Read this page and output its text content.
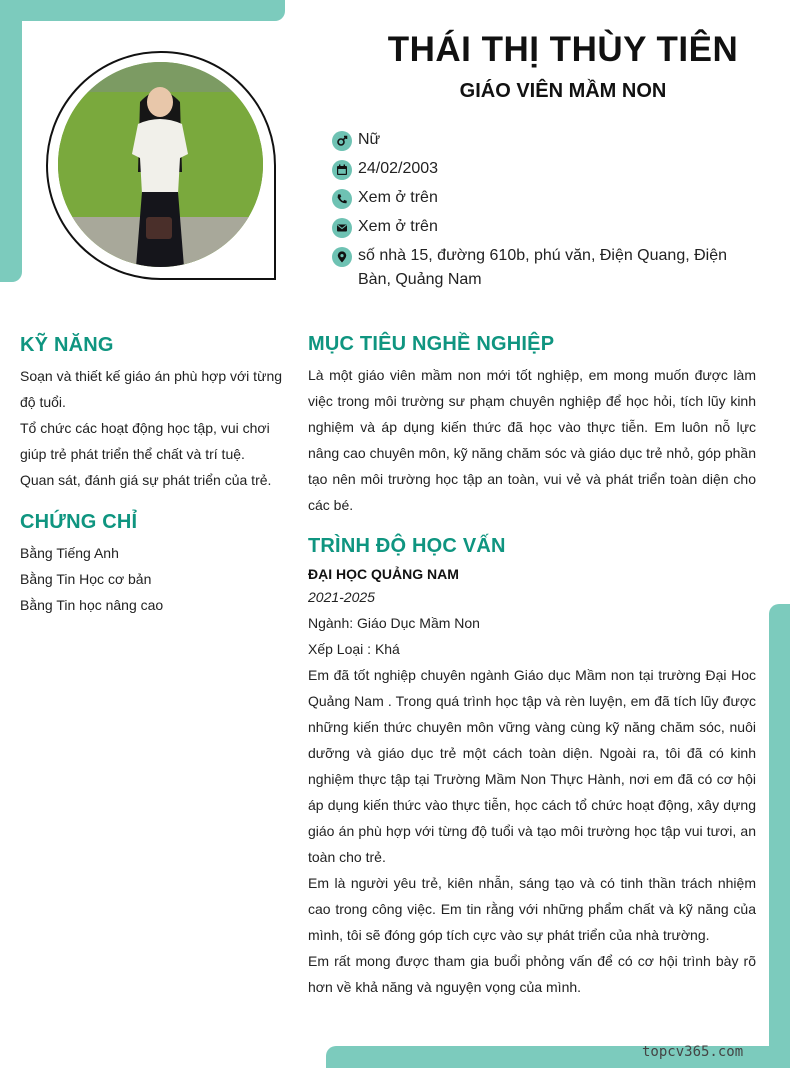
THÁI THỊ THÙY TIÊN
GIÁO VIÊN MẦM NON
Nữ
24/02/2003
Xem ở trên
Xem ở trên
số nhà 15, đường 610b, phú văn, Điện Quang, Điện Bàn, Quảng Nam
KỸ NĂNG
Soạn và thiết kế giáo án phù hợp với từng độ tuổi.
Tổ chức các hoạt động học tập, vui chơi giúp trẻ phát triển thể chất và trí tuệ.
Quan sát, đánh giá sự phát triển của trẻ.
CHỨNG CHỈ
Bằng Tiếng Anh
Bằng Tin Học cơ bản
Bằng Tin học nâng cao
MỤC TIÊU NGHỀ NGHIỆP
Là một giáo viên mầm non mới tốt nghiệp, em mong muốn được làm việc trong môi trường sư phạm chuyên nghiệp để học hỏi, tích lũy kinh nghiệm và áp dụng kiến thức đã học vào thực tiễn. Em luôn nỗ lực nâng cao chuyên môn, kỹ năng chăm sóc và giáo dục trẻ nhỏ, góp phần tạo nên môi trường học tập an toàn, vui vẻ và phát triển toàn diện cho các bé.
TRÌNH ĐỘ HỌC VẤN
ĐẠI HỌC QUẢNG NAM
2021-2025
Ngành: Giáo Dục Mầm Non
Xếp Loại : Khá
Em đã tốt nghiệp chuyên ngành Giáo dục Mầm non tại trường Đại Hoc Quảng Nam . Trong quá trình học tập và rèn luyện, em đã tích lũy được những kiến thức chuyên môn vững vàng cùng kỹ năng chăm sóc, nuôi dưỡng và giáo dục trẻ một cách toàn diện. Ngoài ra, tôi đã có kinh nghiệm thực tập tại Trường Mầm Non Thực Hành, nơi em đã có cơ hội áp dụng kiến thức vào thực tiễn, học cách tổ chức hoạt động, xây dựng giáo án phù hợp với từng độ tuổi và tạo môi trường học tập vui tươi, an toàn cho trẻ.
Em là người yêu trẻ, kiên nhẫn, sáng tạo và có tinh thần trách nhiệm cao trong công việc. Em tin rằng với những phẩm chất và kỹ năng của mình, tôi sẽ đóng góp tích cực vào sự phát triển của nhà trường.
Em rất mong được tham gia buổi phỏng vấn để có cơ hội trình bày rõ hơn về khả năng và nguyện vọng của mình.
topcv365.com
